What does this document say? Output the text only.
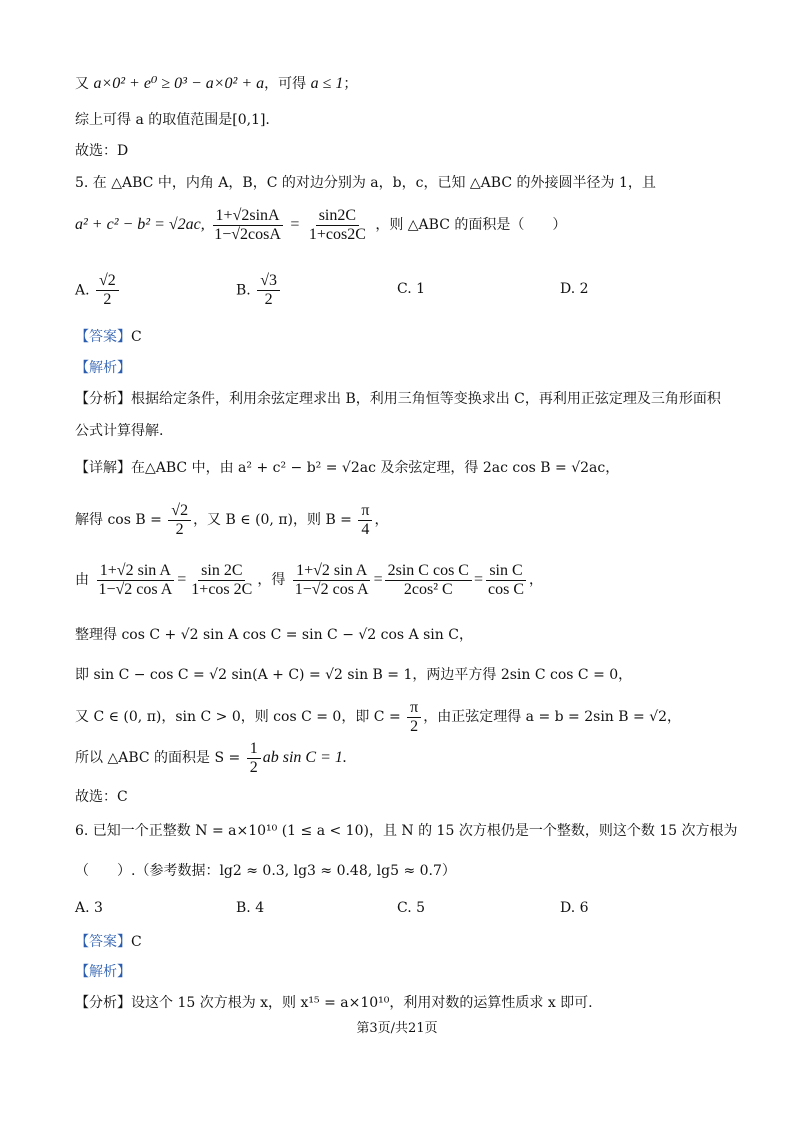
又 a×0² + e⁰ ≥ 0³ − a×0² + a，可得 a ≤ 1；
综上可得 a 的取值范围是[0,1].
故选：D
5. 在 △ABC 中，内角 A，B，C 的对边分别为 a，b，c，已知 △ABC 的外接圆半径为 1，且
a² + c² − b² = √2ac, $\frac{1+√2\sin A}{1-√2\cos A} = \frac{\sin 2C}{1+\cos 2C}$ ，则 △ABC 的面积是（　　）
A. $\frac{√2}{2}$	B. $\frac{√3}{2}$	C. 1	D. 2
【答案】C
【解析】
【分析】根据给定条件，利用余弦定理求出 B，利用三角恒等变换求出 C，再利用正弦定理及三角形面积
公式计算得解.
【详解】在△ABC 中，由 a² + c² − b² = √2ac 及余弦定理，得 2ac cos B = √2ac，
解得 $\cos B = \frac{√2}{2}$ ，又 B ∈ (0, π)，则 $B = \frac{\pi}{4}$ ，
由 $\frac{\text{1+√2 sin A}}{\text{1−√2 cos A}} = \frac{\sin 2C}{1+\cos 2C}$ ，得 $\frac{\text{1+√2 sin A}}{\text{1−√2 cos A}} = \frac{\text{2sin C cos C}}{\text{2cos² C}} = \frac{\text{sin C}}{\text{cos C}}$ ，
整理得 cos C + √2 sin A cos C = sin C − √2 cos A sin C，
即 sin C − cos C = √2 sin(A + C) = √2 sin B = 1，两边平方得 2sin C cos C = 0，
又 C ∈ (0, π)，sin C > 0，则 cos C = 0，即 $C = \frac{\pi}{2}$ ，由正弦定理得 a = b = 2sin B = √2，
所以 △ABC 的面积是 $S = \frac{1}{2}$ ab sin C = 1.
故选：C
6. 已知一个正整数 N = a×10¹⁰ (1 ≤ a < 10)，且 N 的 15 次方根仍是一个整数，则这个数 15 次方根为
（　　）.（参考数据：lg2 ≈ 0.3, lg3 ≈ 0.48, lg5 ≈ 0.7）
A. 3	B. 4	C. 5	D. 6
【答案】C
【解析】
【分析】设这个 15 次方根为 x，则 x¹⁵ = a×10¹⁰，利用对数的运算性质求 x 即可.
第3页/共21页
